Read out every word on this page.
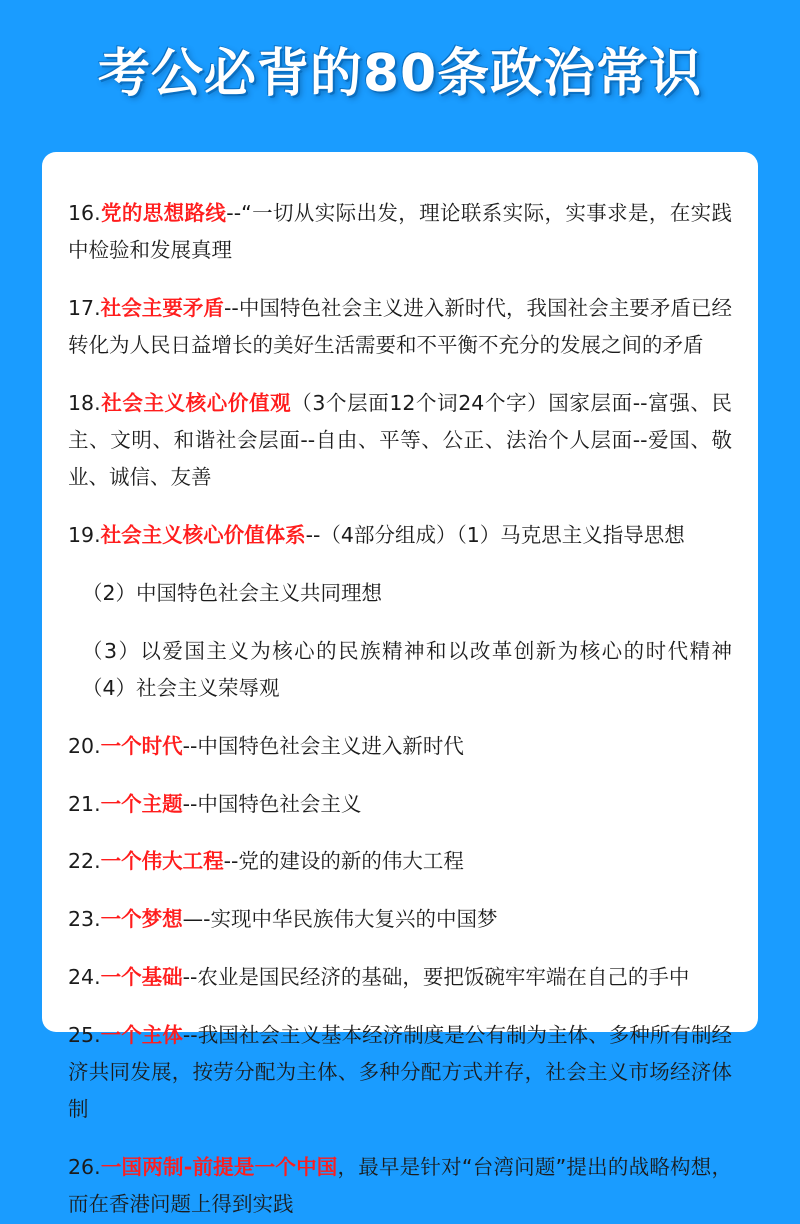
考公必背的80条政治常识

16.党的思想路线--“一切从实际出发，理论联系实际，实事求是，在实践中检验和发展真理

17.社会主要矛盾--中国特色社会主义进入新时代，我国社会主要矛盾已经转化为人民日益增长的美好生活需要和不平衡不充分的发展之间的矛盾

18.社会主义核心价值观（3个层面12个词24个字）国家层面--富强、民主、文明、和谐社会层面--自由、平等、公正、法治个人层面--爱国、敬业、诚信、友善

19.社会主义核心价值体系--（4部分组成）（1）马克思主义指导思想

（2）中国特色社会主义共同理想

（3）以爱国主义为核心的民族精神和以改革创新为核心的时代精神（4）社会主义荣辱观

20.一个时代--中国特色社会主义进入新时代

21.一个主题--中国特色社会主义

22.一个伟大工程--党的建设的新的伟大工程

23.一个梦想—-实现中华民族伟大复兴的中国梦

24.一个基础--农业是国民经济的基础，要把饭碗牢牢端在自己的手中

25.一个主体--我国社会主义基本经济制度是公有制为主体、多种所有制经济共同发展，按劳分配为主体、多种分配方式并存，社会主义市场经济体制

26.一国两制-前提是一个中国，最早是针对“台湾问题”提出的战略构想，而在香港问题上得到实践
